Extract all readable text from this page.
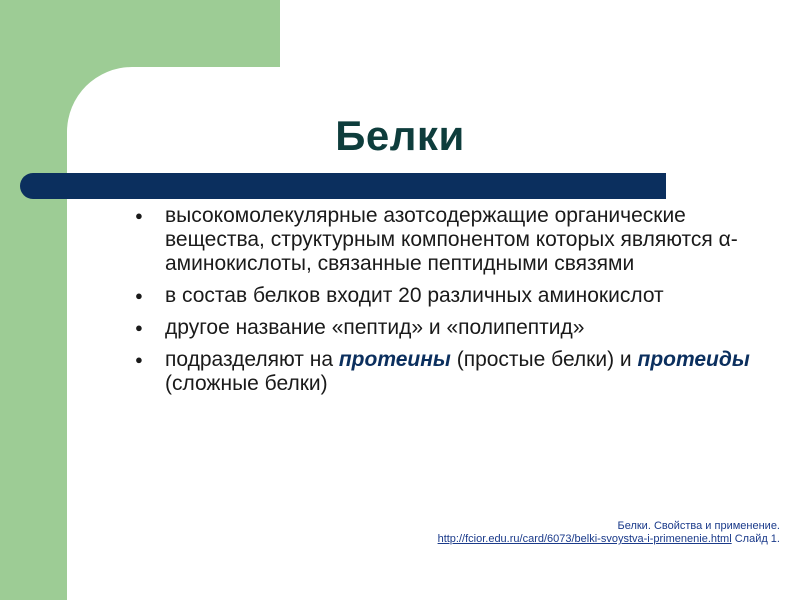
Белки
● высокомолекулярные азотсодержащие органические вещества, структурным компонентом которых являются α-аминокислоты, связанные пептидными связями
● в состав белков входит 20 различных аминокислот
● другое название «пептид» и «полипептид»
● подразделяют на протеины (простые белки) и протеиды (сложные белки)
Белки. Свойства и применение.
http://fcior.edu.ru/card/6073/belki-svoystva-i-primenenie.html Слайд 1.
